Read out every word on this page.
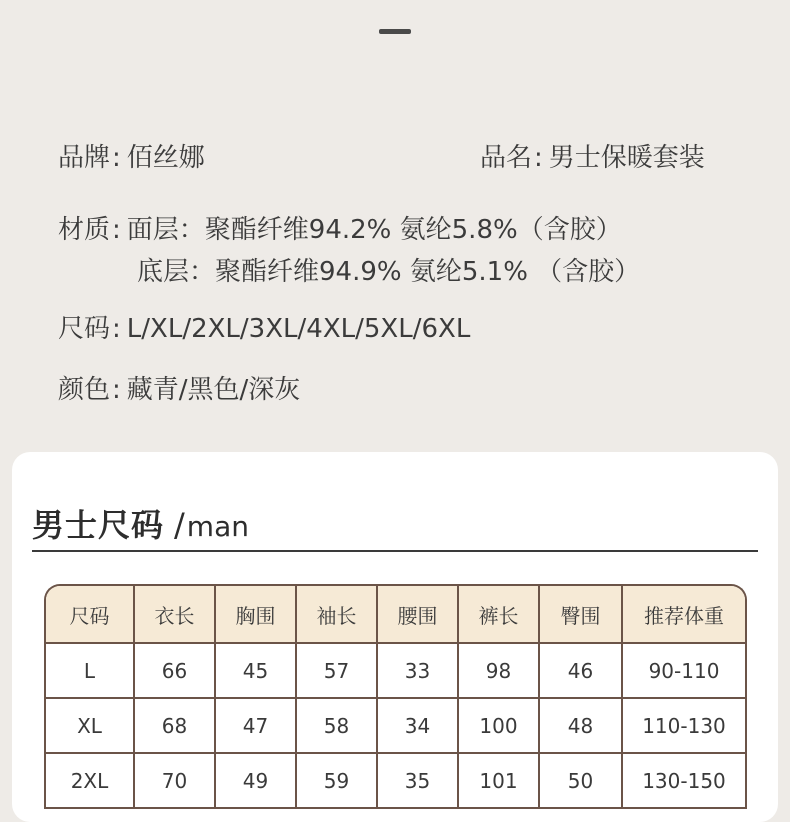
品牌: 佰丝娜	品名: 男士保暖套装
材质: 面层：聚酯纤维94.2% 氨纶5.8%（含胶）
底层：聚酯纤维94.9% 氨纶5.1% （含胶）
尺码: L/XL/2XL/3XL/4XL/5XL/6XL
颜色: 藏青/黑色/深灰
男士尺码 /man
尺码	衣长	胸围	袖长	腰围	裤长	臀围	推荐体重
L	66	45	57	33	98	46	90-110
XL	68	47	58	34	100	48	110-130
2XL	70	49	59	35	101	50	130-150
